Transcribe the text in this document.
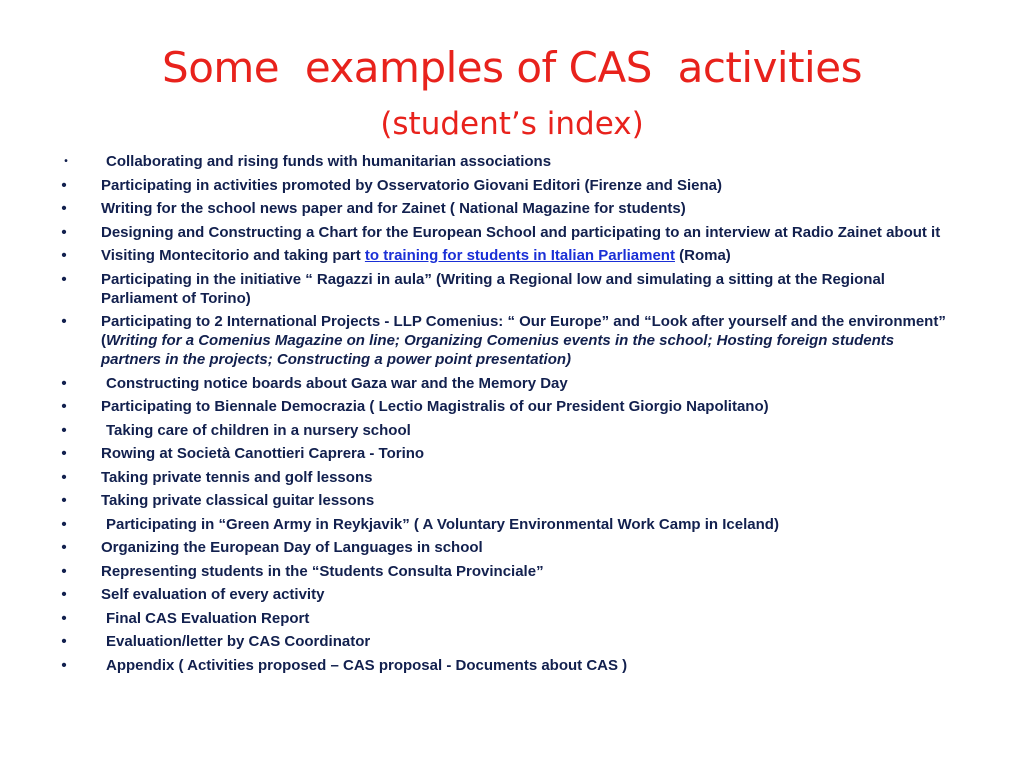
Some  examples of CAS  activities
(student’s index)
•	Collaborating and rising funds with humanitarian associations
• Participating in activities promoted by Osservatorio Giovani Editori (Firenze and Siena)
• Writing for the school news paper and for Zainet ( National Magazine for students)
• Designing and Constructing a Chart for the European School and participating to an interview at Radio Zainet about it
• Visiting Montecitorio and taking part to training for students in Italian Parliament (Roma)
• Participating in the initiative “ Ragazzi in aula” (Writing a Regional low and simulating a sitting at the Regional Parliament of Torino)
• Participating to 2 International Projects - LLP Comenius: “ Our Europe” and “Look after yourself and the environment” (Writing for a Comenius Magazine on line; Organizing Comenius events in the school; Hosting foreign students partners in the projects; Constructing a power point presentation)
•	Constructing notice boards about Gaza war and the Memory Day
• Participating to Biennale Democrazia ( Lectio Magistralis of our President Giorgio Napolitano)
•	Taking care of children in a nursery school
• Rowing at Società Canottieri Caprera - Torino
• Taking private tennis and golf lessons
• Taking private classical guitar lessons
•	Participating in “Green Army in Reykjavik” ( A Voluntary Environmental Work Camp in Iceland)
• Organizing the European Day of Languages in school
• Representing students in the “Students Consulta Provinciale”
• Self evaluation of every activity
•	Final CAS Evaluation Report
•	Evaluation/letter by CAS Coordinator
•	Appendix ( Activities proposed – CAS proposal - Documents about CAS )
